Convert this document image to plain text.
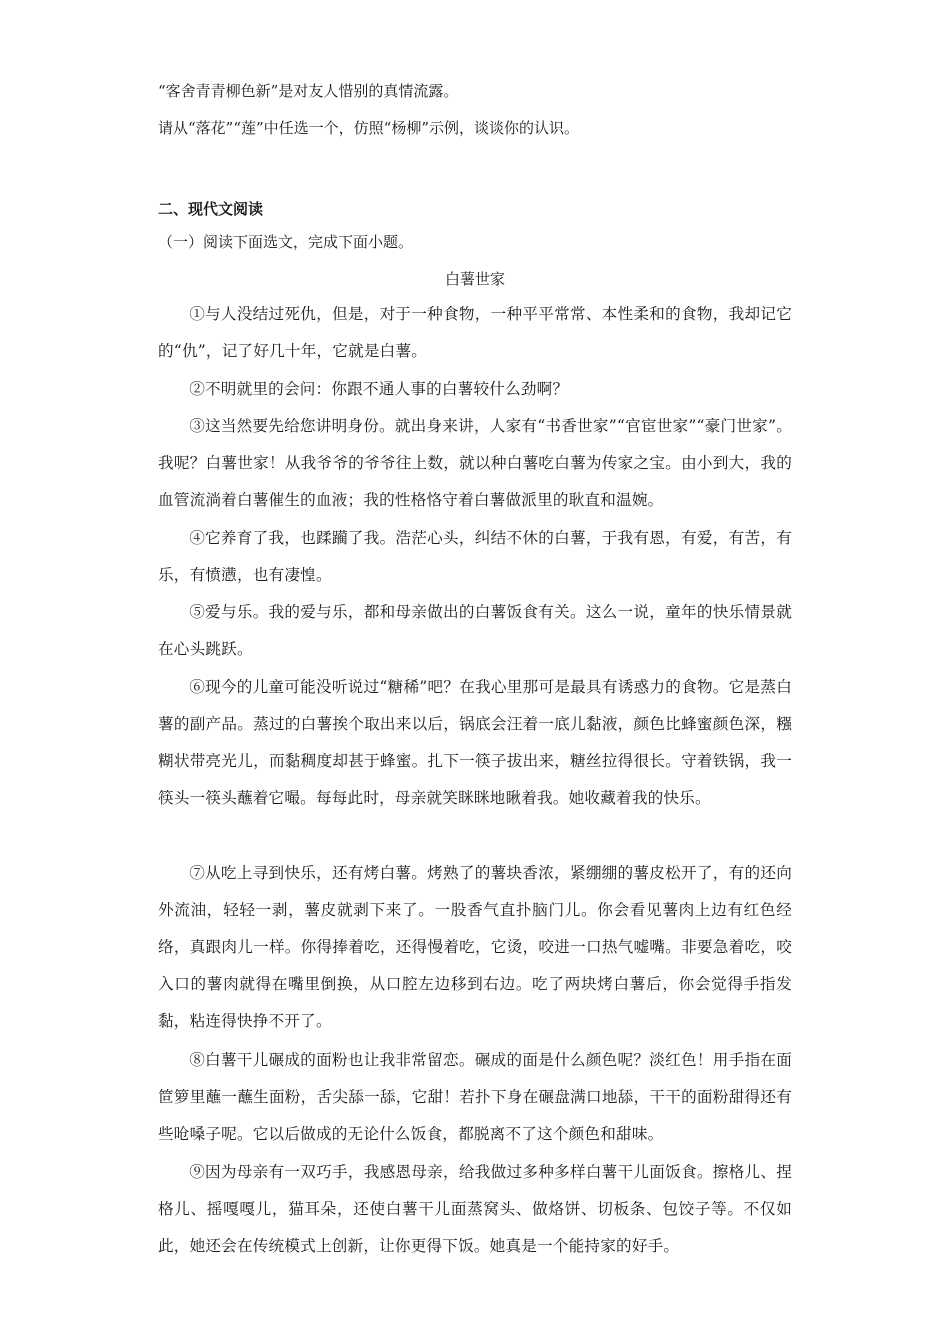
“客舍青青柳色新”是对友人惜别的真情流露。
请从“落花”“莲”中任选一个，仿照“杨柳”示例，谈谈你的认识。
二、现代文阅读
（一）阅读下面选文，完成下面小题。
白薯世家
①与人没结过死仇，但是，对于一种食物，一种平平常常、本性柔和的食物，我却记它的“仇”，记了好几十年，它就是白薯。
②不明就里的会问：你跟不通人事的白薯较什么劲啊？
③这当然要先给您讲明身份。就出身来讲，人家有“书香世家”“官宦世家”“豪门世家”。我呢？白薯世家！从我爷爷的爷爷往上数，就以种白薯吃白薯为传家之宝。由小到大，我的血管流淌着白薯催生的血液；我的性格恪守着白薯做派里的耿直和温婉。
④它养育了我，也蹂躏了我。浩茫心头，纠结不休的白薯，于我有恩，有爱，有苦，有乐，有愤懑，也有凄惶。
⑤爱与乐。我的爱与乐，都和母亲做出的白薯饭食有关。这么一说，童年的快乐情景就在心头跳跃。
⑥现今的儿童可能没听说过“糖稀”吧？在我心里那可是最具有诱惑力的食物。它是蒸白薯的副产品。蒸过的白薯挨个取出来以后，锅底会汪着一底儿黏液，颜色比蜂蜜颜色深，糨糊状带亮光儿，而黏稠度却甚于蜂蜜。扎下一筷子拔出来，糖丝拉得很长。守着铁锅，我一筷头一筷头蘸着它嘬。每每此时，母亲就笑眯眯地瞅着我。她收藏着我的快乐。
⑦从吃上寻到快乐，还有烤白薯。烤熟了的薯块香浓，紧绷绷的薯皮松开了，有的还向外流油，轻轻一剥，薯皮就剥下来了。一股香气直扑脑门儿。你会看见薯肉上边有红色经络，真跟肉儿一样。你得捧着吃，还得慢着吃，它烫，咬进一口热气嘘嘴。非要急着吃，咬入口的薯肉就得在嘴里倒换，从口腔左边移到右边。吃了两块烤白薯后，你会觉得手指发黏，粘连得快挣不开了。
⑧白薯干儿碾成的面粉也让我非常留恋。碾成的面是什么颜色呢？淡红色！用手指在面笸箩里蘸一蘸生面粉，舌尖舔一舔，它甜！若扑下身在碾盘满口地舔，干干的面粉甜得还有些呛嗓子呢。它以后做成的无论什么饭食，都脱离不了这个颜色和甜味。
⑨因为母亲有一双巧手，我感恩母亲，给我做过多种多样白薯干儿面饭食。擦格儿、捏格儿、摇嘎嘎儿，猫耳朵，还使白薯干儿面蒸窝头、做烙饼、切板条、包饺子等。不仅如此，她还会在传统模式上创新，让你更得下饭。她真是一个能持家的好手。
